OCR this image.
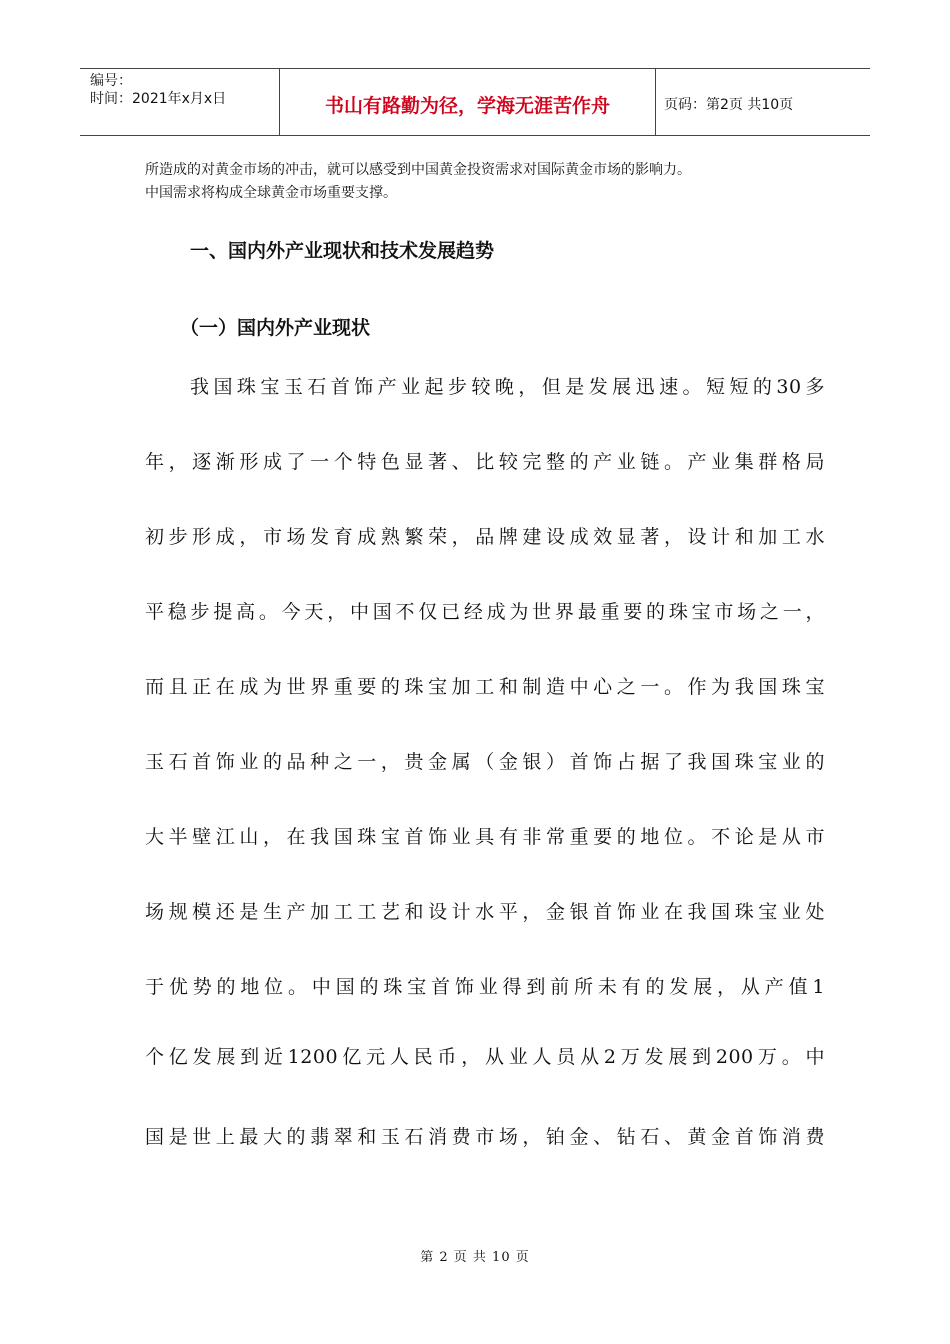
编号：
时间：2021年x月x日	书山有路勤为径，学海无涯苦作舟	页码：第2页 共10页
所造成的对黄金市场的冲击，就可以感受到中国黄金投资需求对国际黄金市场的影响力。
中国需求将构成全球黄金市场重要支撑。
一、国内外产业现状和技术发展趋势
（一）国内外产业现状
我国珠宝玉石首饰产业起步较晚，但是发展迅速。短短的30多
年，逐渐形成了一个特色显著、比较完整的产业链。产业集群格局
初步形成，市场发育成熟繁荣，品牌建设成效显著，设计和加工水
平稳步提高。今天，中国不仅已经成为世界最重要的珠宝市场之一，
而且正在成为世界重要的珠宝加工和制造中心之一。作为我国珠宝
玉石首饰业的品种之一，贵金属（金银）首饰占据了我国珠宝业的
大半壁江山，在我国珠宝首饰业具有非常重要的地位。不论是从市
场规模还是生产加工工艺和设计水平，金银首饰业在我国珠宝业处
于优势的地位。中国的珠宝首饰业得到前所未有的发展，从产值1
个亿发展到近1200亿元人民币，从业人员从2万发展到200万。中
国是世上最大的翡翠和玉石消费市场，铂金、钻石、黄金首饰消费
第 2 页 共 10 页
